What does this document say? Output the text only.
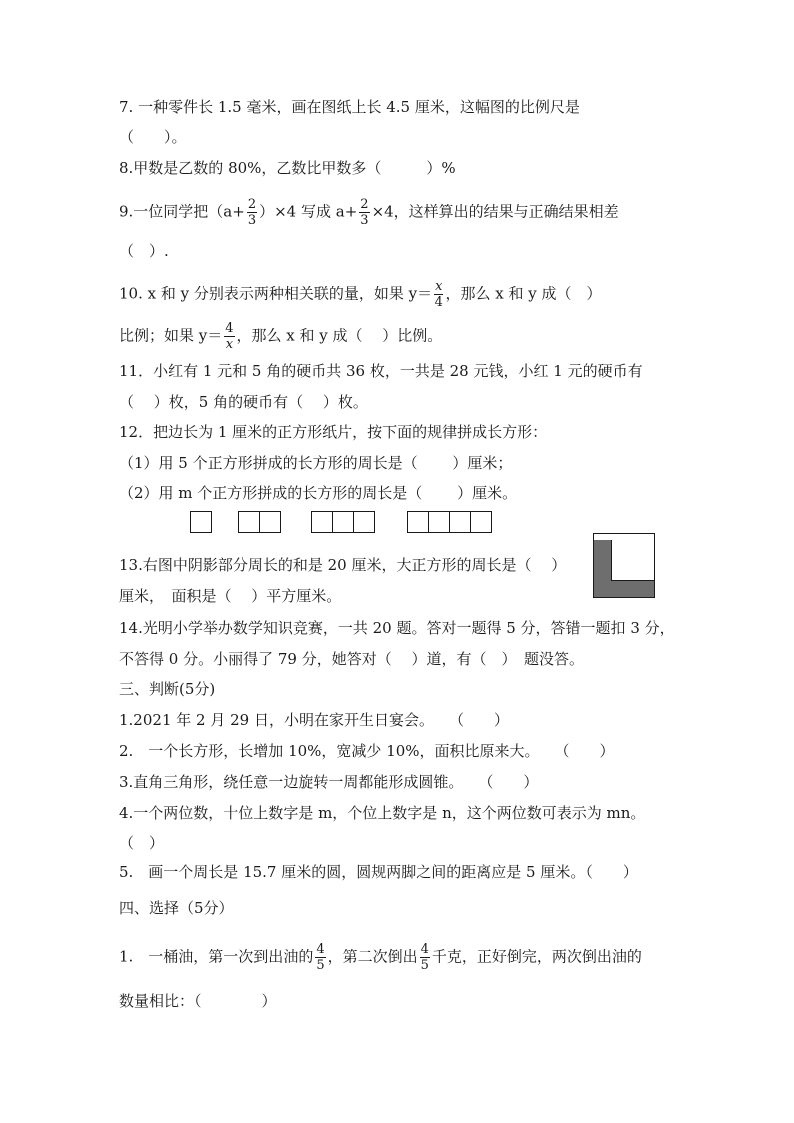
7. 一种零件长 1.5 毫米，画在图纸上长 4.5 厘米，这幅图的比例尺是
（　　）。
8.甲数是乙数的 80%，乙数比甲数多（　　　）%
9.一位同学把$(a+ \frac{2}{3} )\times 4$ 写成 $a+ \frac{2}{3} \times 4$，这样算出的结果与正确结果相差
（　）.
10. x 和 y 分别表示两种相关联的量，如果 $y= \frac{x}{4}$ ，那么 x 和 y 成（　）
比例；如果 $y= \frac{4}{x}$ ，那么 x 和 y 成（　 ）比例。
11．小红有 1 元和 5 角的硬币共 36 枚，一共是 28 元钱，小红 1 元的硬币有
（　 ）枚，5 角的硬币有（　 ）枚。
12．把边长为 1 厘米的正方形纸片，按下面的规律拼成长方形：
（1）用 5 个正方形拼成的长方形的周长是（　　 ）厘米；
（2）用 m 个正方形拼成的长方形的周长是（　　 ）厘米。
13.右图中阴影部分周长的和是 20 厘米，大正方形的周长是（　 ）
厘米，　面积是（　 ）平方厘米。
14.光明小学举办数学知识竞赛，一共 20 题。答对一题得 5 分，答错一题扣 3 分，
不答得 0 分。小丽得了 79 分，她答对（　 ）道，有（　）　题没答。
三、判断(5分)
1.2021 年 2 月 29 日，小明在家开生日宴会。　　（　　）
2.　一个长方形，长增加 10%，宽减少 10%，面积比原来大。　　（　　）
3.直角三角形，绕任意一边旋转一周都能形成圆锥。　　（　　）
4.一个两位数，十位上数字是 m，个位上数字是 n，这个两位数可表示为 mn。
（　）
5.　画一个周长是 15.7 厘米的圆，圆规两脚之间的距离应是 5 厘米。（　　）
四、选择（5分）
1.　一桶油，第一次到出油的 $\frac{4}{5}$ ，第二次倒出 $\frac{4}{5}$ 千克，正好倒完，两次倒出油的
数量相比：（　　　　）
